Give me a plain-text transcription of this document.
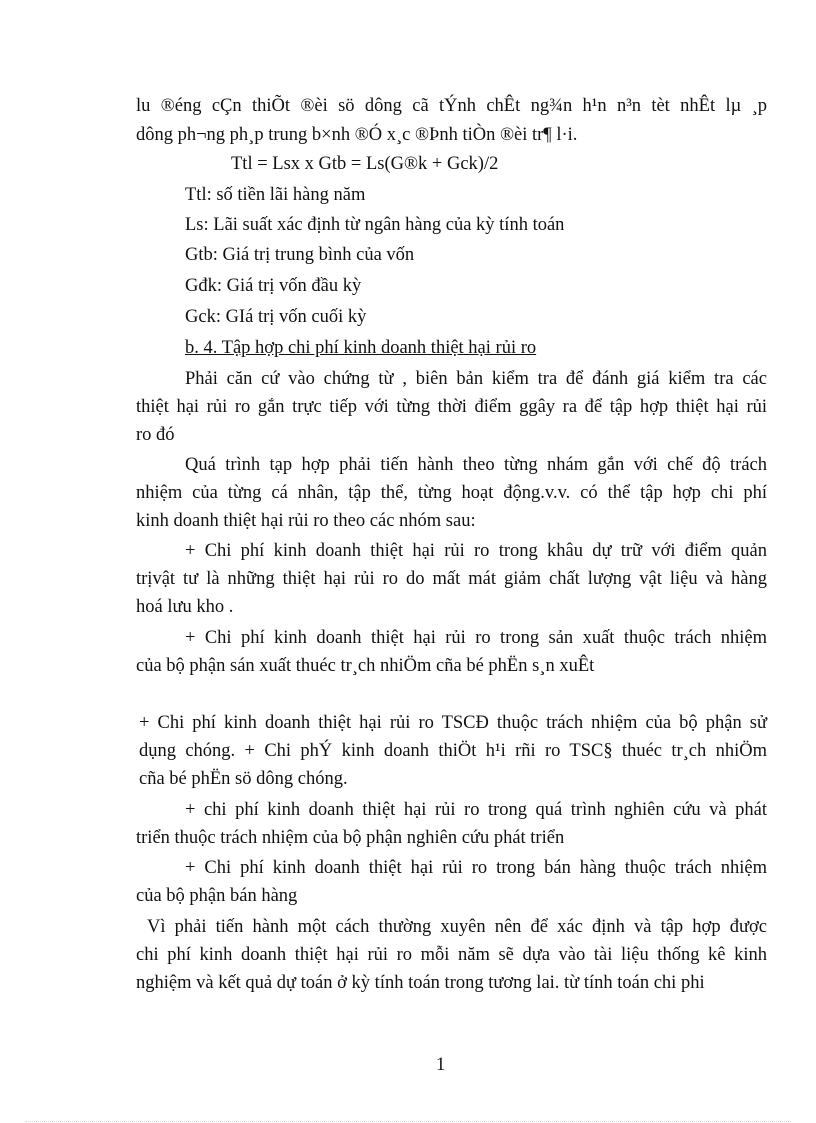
lu ®éng cÇn thiÕt ®èi sö dông cã tÝnh chÊt ng¾n h¹n n³n tèt nhÊt lµ ¸p
dông ph¬ng ph¸p trung b×nh ®Ó x¸c ®Þnh tiÒn ®èi tr¶ l·i.
Ttl = Lsx x Gtb = Ls(G®k + Gck)/2
Ttl: số tiền lãi hàng năm
Ls: Lãi suất xác định từ ngân hàng của kỳ tính toán
Gtb: Giá trị trung bình của vốn
Gđk: Giá trị vốn đầu kỳ
Gck: GIá trị vốn cuối kỳ
b. 4. Tập hợp chi phí kinh doanh thiệt hại rủi ro
Phải căn cứ vào chứng từ , biên bản kiểm tra để đánh giá kiểm tra các
thiệt hại rủi ro gắn trực tiếp với từng thời điểm ggây ra để tập hợp thiệt hại rủi
ro đó
Quá trình tạp hợp phải tiến hành theo từng nhám gắn với chế độ trách
nhiệm của từng cá nhân, tập thể, từng hoạt động.v.v. có thể tập hợp chi phí
kinh doanh thiệt hại rủi ro theo các nhóm sau:
+ Chi phí kinh doanh thiệt hại rủi ro trong khâu dự trữ với điểm quản
trịvật tư là những thiệt hại rủi ro do mất mát giảm chất lượng vật liệu và hàng
hoá lưu kho .
+ Chi phí kinh doanh thiệt hại rủi ro trong sản xuất thuộc trách nhiệm
của bộ phận sán xuất thuéc tr¸ch nhiÖm cña bé phËn s¸n xuÊt
+ Chi phí kinh doanh thiệt hại rủi ro TSCĐ thuộc trách nhiệm của bộ phận sử
dụng chóng. + Chi phÝ kinh doanh thiÖt h¹i rñi ro TSC§ thuéc tr¸ch nhiÖm
cña bé phËn sö dông chóng.
+ chi phí kinh doanh thiệt hại rủi ro trong quá trình nghiên cứu và phát
triển thuộc trách nhiệm của bộ phận nghiên cứu phát triển
+ Chi phí kinh doanh thiệt hại rủi ro trong bán hàng thuộc trách nhiệm
của bộ phận bán hàng
Vì phải tiến hành một cách thường xuyên nên để xác định và tập hợp được
chi phí kinh doanh thiệt hại rủi ro mỗi năm sẽ dựa vào tài liệu thống kê kinh
nghiệm và kết quả dự toán ở kỳ tính toán trong tương lai. từ tính toán chi phi
1
